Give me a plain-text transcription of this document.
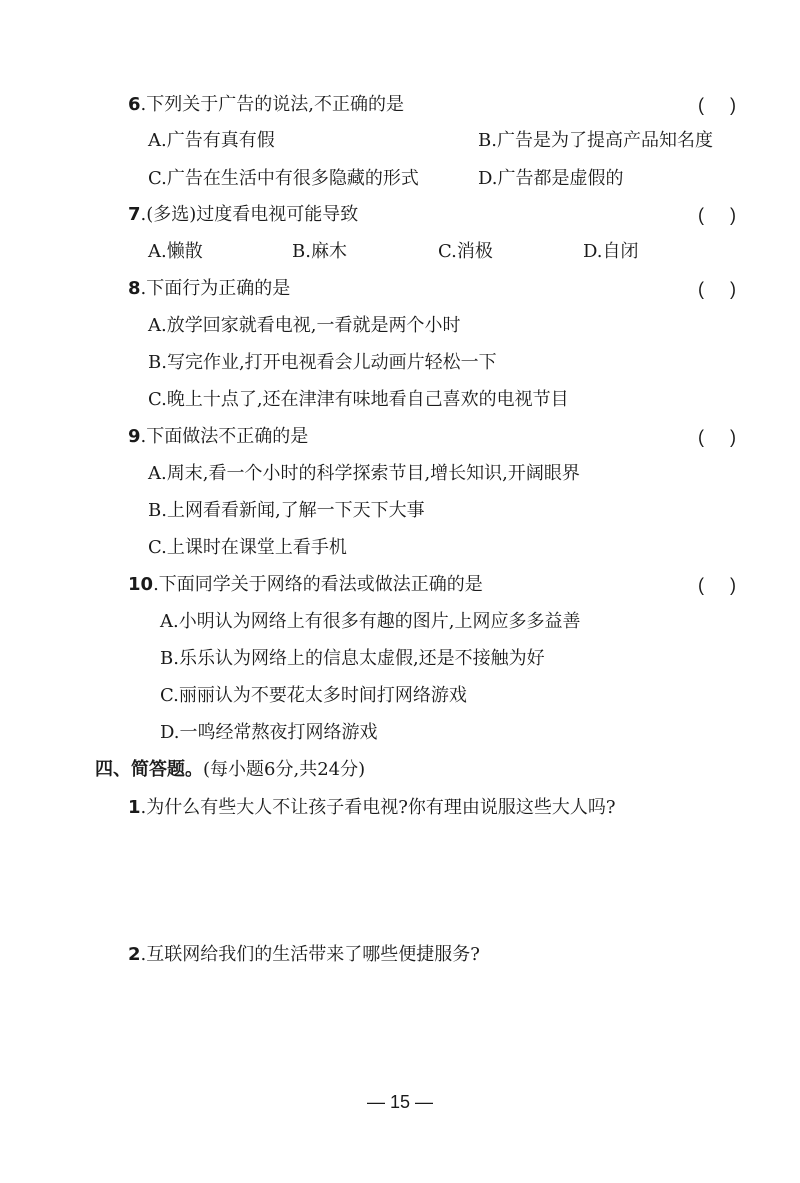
6.下列关于广告的说法,不正确的是	()
A.广告有真有假	B.广告是为了提高产品知名度
C.广告在生活中有很多隐藏的形式	D.广告都是虚假的
7.(多选)过度看电视可能导致	()
A.懒散	B.麻木	C.消极	D.自闭
8.下面行为正确的是	()
A.放学回家就看电视,一看就是两个小时
B.写完作业,打开电视看会儿动画片轻松一下
C.晚上十点了,还在津津有味地看自己喜欢的电视节目
9.下面做法不正确的是	()
A.周末,看一个小时的科学探索节目,增长知识,开阔眼界
B.上网看看新闻,了解一下天下大事
C.上课时在课堂上看手机
10.下面同学关于网络的看法或做法正确的是	()
A.小明认为网络上有很多有趣的图片,上网应多多益善
B.乐乐认为网络上的信息太虚假,还是不接触为好
C.丽丽认为不要花太多时间打网络游戏
D.一鸣经常熬夜打网络游戏
四、简答题。(每小题6分,共24分)
1.为什么有些大人不让孩子看电视?你有理由说服这些大人吗?
2.互联网给我们的生活带来了哪些便捷服务?
— 15 —
